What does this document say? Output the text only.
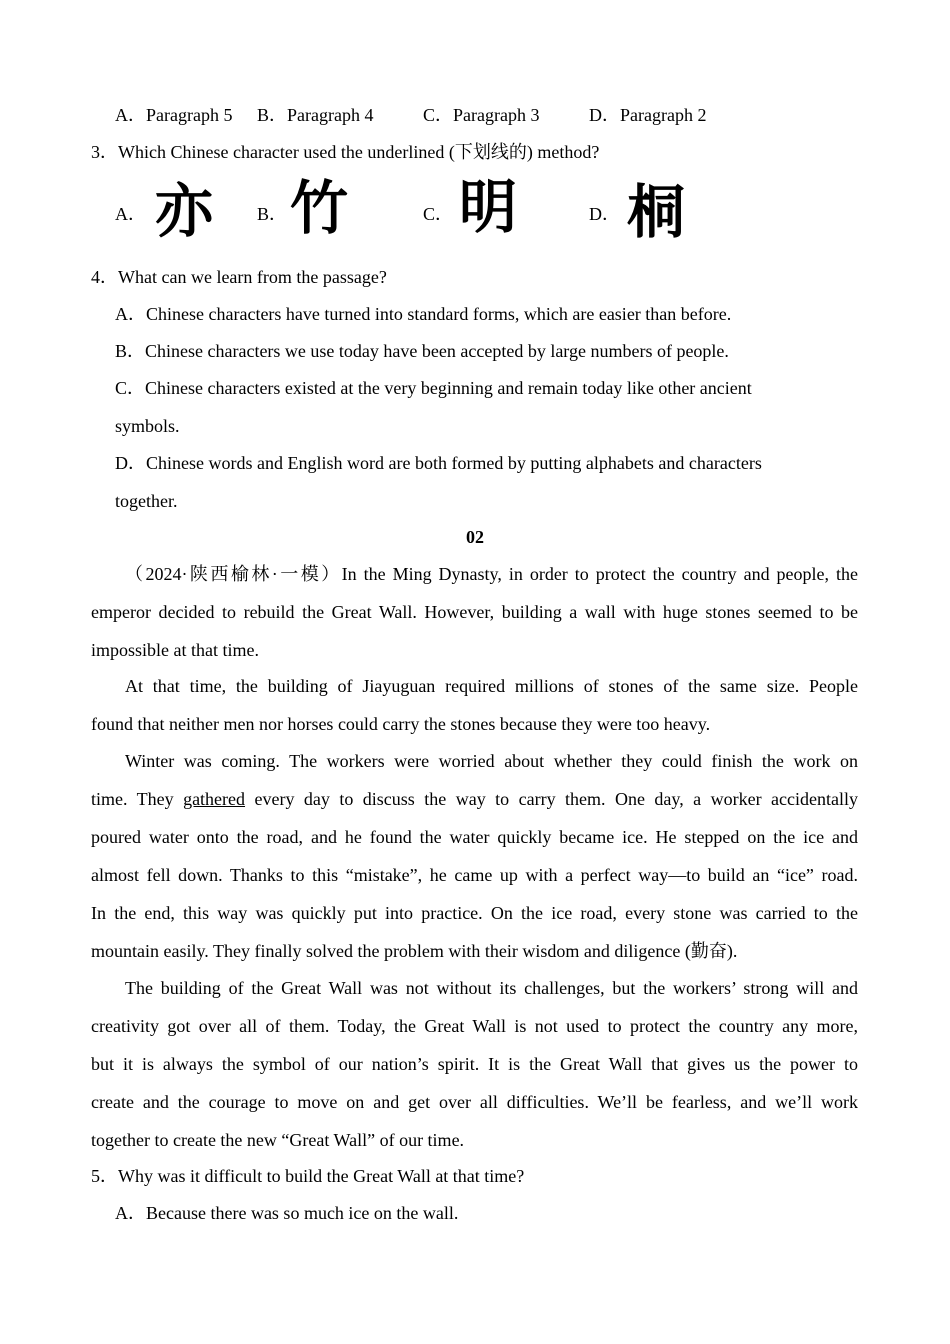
A．Paragraph 5 B．Paragraph 4	C．Paragraph 3	D．Paragraph 2
3．Which Chinese character used the underlined (下划线的) method?
A． 亦 B． 竹	C． 明	D． 桐
4．What can we learn from the passage?
A．Chinese characters have turned into standard forms, which are easier than before.
B．Chinese characters we use today have been accepted by large numbers of people.
C．Chinese characters existed at the very beginning and remain today like other ancient
symbols.
D．Chinese words and English word are both formed by putting alphabets and characters
together.
02
（2024·陕西榆林·一模）In the Ming Dynasty, in order to protect the country and people, the
emperor decided to rebuild the Great Wall. However, building a wall with huge stones seemed to be
impossible at that time.
At that time, the building of Jiayuguan required millions of stones of the same size. People
found that neither men nor horses could carry the stones because they were too heavy.
Winter was coming. The workers were worried about whether they could finish the work on
time. They gathered every day to discuss the way to carry them. One day, a worker accidentally
poured water onto the road, and he found the water quickly became ice. He stepped on the ice and
almost fell down. Thanks to this “mistake”, he came up with a perfect way—to build an “ice” road.
In the end, this way was quickly put into practice. On the ice road, every stone was carried to the
mountain easily. They finally solved the problem with their wisdom and diligence (勤奋).
The building of the Great Wall was not without its challenges, but the workers’ strong will and
creativity got over all of them. Today, the Great Wall is not used to protect the country any more,
but it is always the symbol of our nation’s spirit. It is the Great Wall that gives us the power to
create and the courage to move on and get over all difficulties. We’ll be fearless, and we’ll work
together to create the new “Great Wall” of our time.
5．Why was it difficult to build the Great Wall at that time?
A．Because there was so much ice on the wall.
